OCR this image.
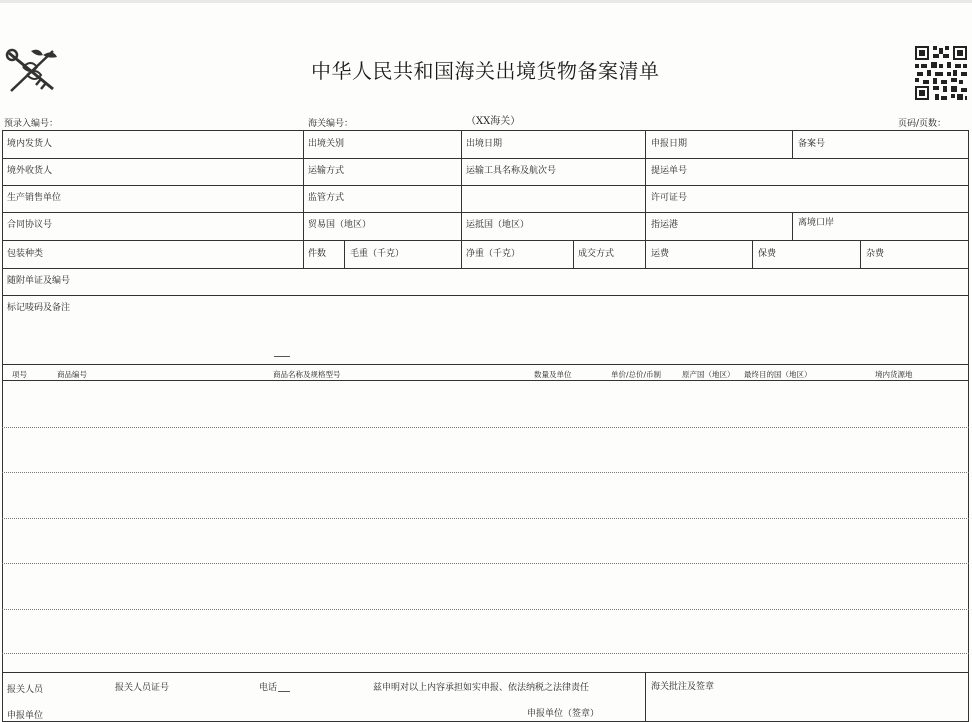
中华人民共和国海关出境货物备案清单
预录入编号：	海关编号：	（XX海关）	页码/页数：
境内发货人	出境关别	出境日期	申报日期	备案号
境外收货人	运输方式	运输工具名称及航次号	提运单号
生产销售单位	监管方式	许可证号
合同协议号	贸易国（地区）	运抵国（地区）	指运港	离境口岸
包装种类	件数	毛重（千克）	净重（千克）	成交方式	运费	保费	杂费
随附单证及编号
标记唛码及备注
项号	商品编号	商品名称及规格型号	数量及单位	单价/总价/币制	原产国（地区） 最终目的国（地区）	境内货源地
报关人员	报关人员证号	电话	兹申明对以上内容承担如实申报、依法纳税之法律责任	海关批注及签章
申报单位	申报单位（签章）
